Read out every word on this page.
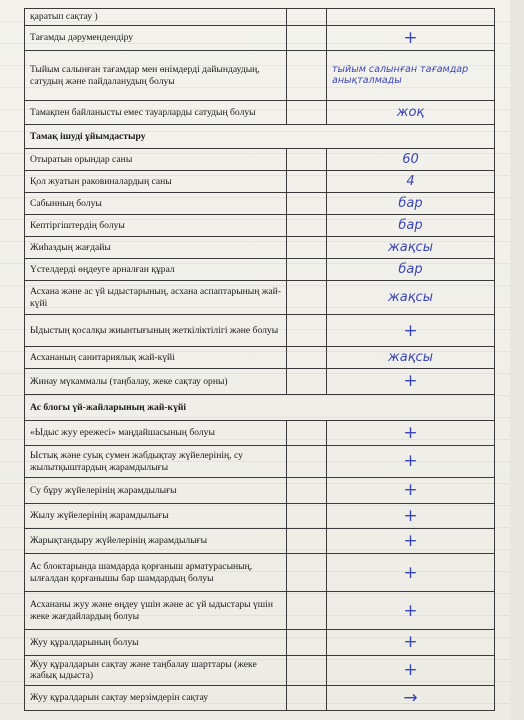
қаратып сақтау )		
Тағамды дәрумендендіру		+
Тыйым салынған тағамдар мен өнімдерді дайындаудың, сатудың және пайдаланудың болуы		тыйым салынған тағамдар анықталмады
Тамақпен байланысты емес тауарларды сатудың болуы		жоқ
Тамақ ішуді ұйымдастыру		
Отыратын орындар саны		60
Қол жуатын раковиналардың саны		4
Сабынның болуы		бар
Кептіргіштердің болуы		бар
Жиһаздың жағдайы		жақсы
Үстелдерді өңдеуге арналған құрал		бар
Асхана және ас үй ыдыстарының, асхана аспаптарының жай-күйі		жақсы
Ыдыстың қосалқы жиынтығының жеткіліктілігі және болуы		+
Асхананың санитариялық жай-күйі		жақсы
Жинау мүкаммалы (таңбалау, жеке сақтау орны)		+
Ас блогы үй-жайларының жай-күйі		
«Ыдыс жуу ережесі» маңдайшасының болуы		+
Ыстық және суық сумен жабдықтау жүйелерінің, су жылытқыштардың жарамдылығы		+
Су бұру жүйелерінің жарамдылығы		+
Жылу жүйелерінің жарамдылығы		+
Жарықтандыру жүйелерінің жарамдылығы		+
Ас блоктарында шамдарда қорғаныш арматурасының, ылғалдан қорғанышы бар шамдардың болуы		+
Асхананы жуу және өңдеу үшін және ас үй ыдыстары үшін жеке жағдайлардың болуы		+
Жуу құралдарының болуы		+
Жуу құралдарын сақтау және таңбалау шарттары (жеке жабық ыдыста)		+
Жуу құралдарын сақтау мерзімдерін сақтау		→
